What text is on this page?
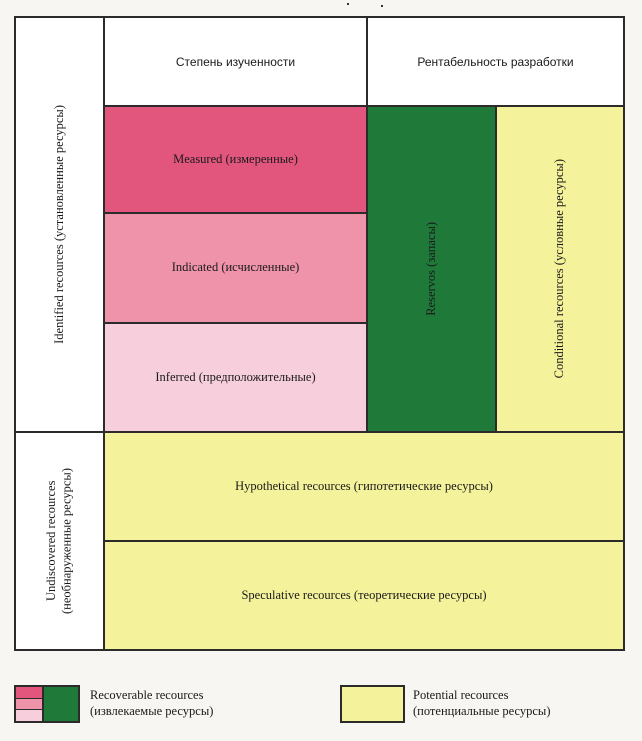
Identified recources (установленные ресурсы)
Undiscovered recources (необнаруженные ресурсы)
Степень изученности	Рентабельность разработки
Measured (измеренные)
Indicated (исчисленные)
Inferred (предположительные)
Reservos (запасы)	Conditional recources (условные ресурсы)
Hypothetical recources (гипотетические ресурсы)
Speculative recources (теоретические ресурсы)
Recoverable recources
(извлекаемые ресурсы)
Potential recources
(потенциальные ресурсы)
